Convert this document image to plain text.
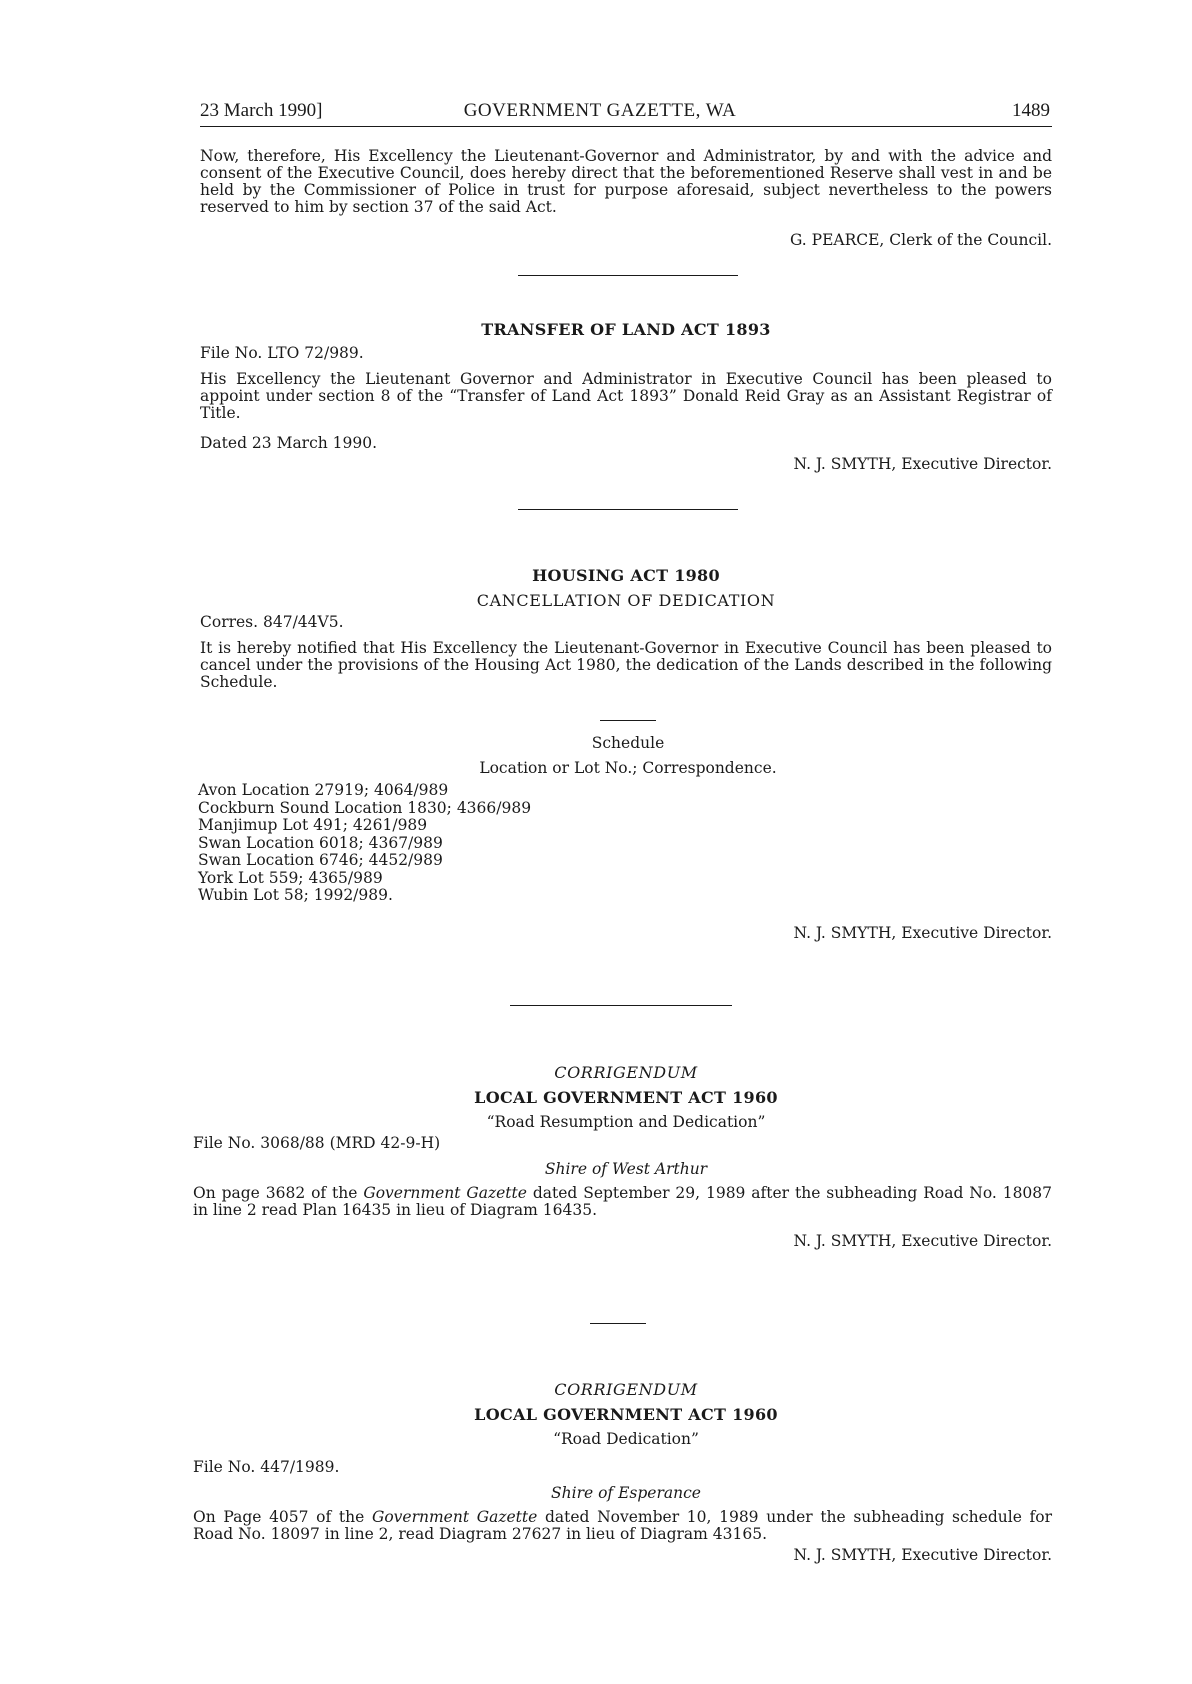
23 March 1990]	GOVERNMENT GAZETTE, WA	1489
Now, therefore, His Excellency the Lieutenant-Governor and Administrator, by and with the advice and consent of the Executive Council, does hereby direct that the beforementioned Reserve shall vest in and be held by the Commissioner of Police in trust for purpose aforesaid, subject nevertheless to the powers reserved to him by section 37 of the said Act.
G. PEARCE, Clerk of the Council.
TRANSFER OF LAND ACT 1893
File No. LTO 72/989.
His Excellency the Lieutenant Governor and Administrator in Executive Council has been pleased to appoint under section 8 of the “Transfer of Land Act 1893” Donald Reid Gray as an Assistant Registrar of Title.
Dated 23 March 1990.
N. J. SMYTH, Executive Director.
HOUSING ACT 1980
CANCELLATION OF DEDICATION
Corres. 847/44V5.
It is hereby notified that His Excellency the Lieutenant-Governor in Executive Council has been pleased to cancel under the provisions of the Housing Act 1980, the dedication of the Lands described in the following Schedule.
Schedule
Location or Lot No.; Correspondence.
Avon Location 27919; 4064/989
Cockburn Sound Location 1830; 4366/989
Manjimup Lot 491; 4261/989
Swan Location 6018; 4367/989
Swan Location 6746; 4452/989
York Lot 559; 4365/989
Wubin Lot 58; 1992/989.
N. J. SMYTH, Executive Director.
CORRIGENDUM
LOCAL GOVERNMENT ACT 1960
“Road Resumption and Dedication”
File No. 3068/88 (MRD 42-9-H)
Shire of West Arthur
On page 3682 of the Government Gazette dated September 29, 1989 after the subheading Road No. 18087 in line 2 read Plan 16435 in lieu of Diagram 16435.
N. J. SMYTH, Executive Director.
CORRIGENDUM
LOCAL GOVERNMENT ACT 1960
“Road Dedication”
File No. 447/1989.
Shire of Esperance
On Page 4057 of the Government Gazette dated November 10, 1989 under the subheading schedule for Road No. 18097 in line 2, read Diagram 27627 in lieu of Diagram 43165.
N. J. SMYTH, Executive Director.
